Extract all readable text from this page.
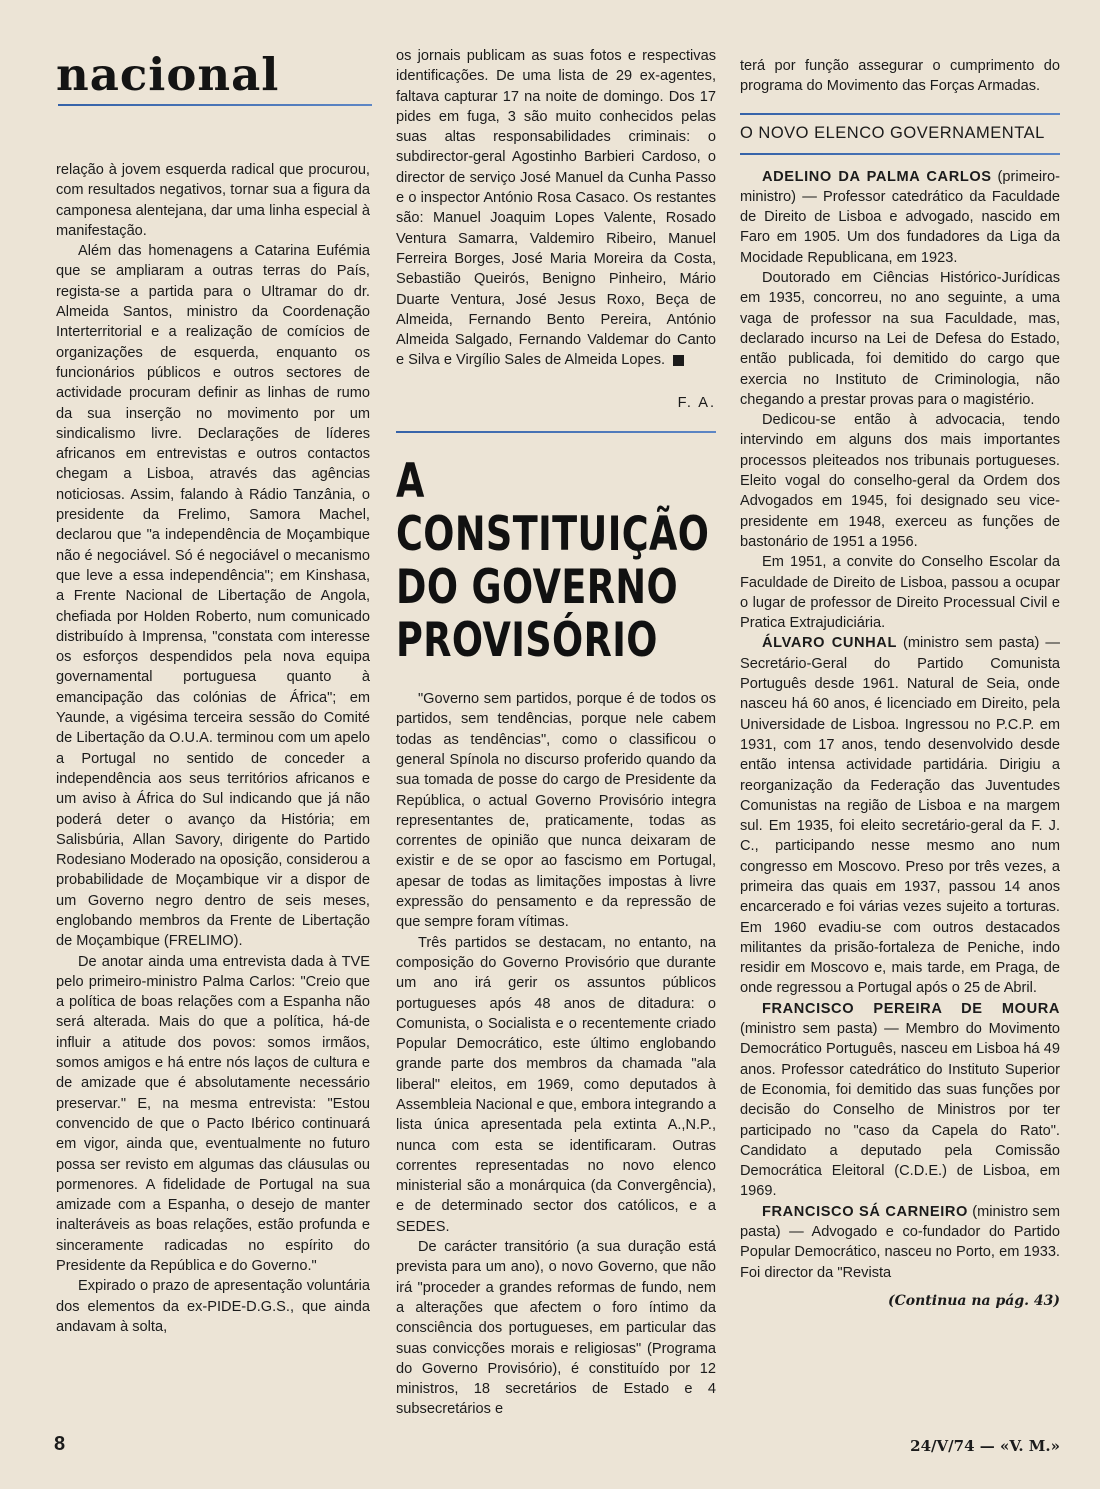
nacional

relação à jovem esquerda radical que procurou, com resultados negativos, tornar sua a figura da camponesa alentejana, dar uma linha especial à manifestação.

Além das homenagens a Catarina Eufémia que se ampliaram a outras terras do País, regista-se a partida para o Ultramar do dr. Almeida Santos, ministro da Coordenação Interterritorial e a realização de comícios de organizações de esquerda, enquanto os funcionários públicos e outros sectores de actividade procuram definir as linhas de rumo da sua inserção no movimento por um sindicalismo livre. Declarações de líderes africanos em entrevistas e outros contactos chegam a Lisboa, através das agências noticiosas. Assim, falando à Rádio Tanzânia, o presidente da Frelimo, Samora Machel, declarou que "a independência de Moçambique não é negociável. Só é negociável o mecanismo que leve a essa independência"; em Kinshasa, a Frente Nacional de Libertação de Angola, chefiada por Holden Roberto, num comunicado distribuído à Imprensa, "constata com interesse os esforços despendidos pela nova equipa governamental portuguesa quanto à emancipação das colónias de África"; em Yaunde, a vigésima terceira sessão do Comité de Libertação da O.U.A. terminou com um apelo a Portugal no sentido de conceder a independência aos seus territórios africanos e um aviso à África do Sul indicando que já não poderá deter o avanço da História; em Salisbúria, Allan Savory, dirigente do Partido Rodesiano Moderado na oposição, considerou a probabilidade de Moçambique vir a dispor de um Governo negro dentro de seis meses, englobando membros da Frente de Libertação de Moçambique (FRELIMO).

De anotar ainda uma entrevista dada à TVE pelo primeiro-ministro Palma Carlos: "Creio que a política de boas relações com a Espanha não será alterada. Mais do que a política, há-de influir a atitude dos povos: somos irmãos, somos amigos e há entre nós laços de cultura e de amizade que é absolutamente necessário preservar." E, na mesma entrevista: "Estou convencido de que o Pacto Ibérico continuará em vigor, ainda que, eventualmente no futuro possa ser revisto em algumas das cláusulas ou pormenores. A fidelidade de Portugal na sua amizade com a Espanha, o desejo de manter inalteráveis as boas relações, estão profunda e sinceramente radicadas no espírito do Presidente da República e do Governo."

Expirado o prazo de apresentação voluntária dos elementos da ex-PIDE-D.G.S., que ainda andavam à solta,

os jornais publicam as suas fotos e respectivas identificações. De uma lista de 29 ex-agentes, faltava capturar 17 na noite de domingo. Dos 17 pides em fuga, 3 são muito conhecidos pelas suas altas responsabilidades criminais: o subdirector-geral Agostinho Barbieri Cardoso, o director de serviço José Manuel da Cunha Passo e o inspector António Rosa Casaco. Os restantes são: Manuel Joaquim Lopes Valente, Rosado Ventura Samarra, Valdemiro Ribeiro, Manuel Ferreira Borges, José Maria Moreira da Costa, Sebastião Queirós, Benigno Pinheiro, Mário Duarte Ventura, José Jesus Roxo, Beça de Almeida, Fernando Bento Pereira, António Almeida Salgado, Fernando Valdemar do Canto e Silva e Virgílio Sales de Almeida Lopes.

F. A.
A CONSTITUIÇÃO DO GOVERNO PROVISÓRIO

"Governo sem partidos, porque é de todos os partidos, sem tendências, porque nele cabem todas as tendências", como o classificou o general Spínola no discurso proferido quando da sua tomada de posse do cargo de Presidente da República, o actual Governo Provisório integra representantes de, praticamente, todas as correntes de opinião que nunca deixaram de existir e de se opor ao fascismo em Portugal, apesar de todas as limitações impostas à livre expressão do pensamento e da repressão de que sempre foram vítimas.

Três partidos se destacam, no entanto, na composição do Governo Provisório que durante um ano irá gerir os assuntos públicos portugueses após 48 anos de ditadura: o Comunista, o Socialista e o recentemente criado Popular Democrático, este último englobando grande parte dos membros da chamada "ala liberal" eleitos, em 1969, como deputados à Assembleia Nacional e que, embora integrando a lista única apresentada pela extinta A.,N.P., nunca com esta se identificaram. Outras correntes representadas no novo elenco ministerial são a monárquica (da Convergência), e de determinado sector dos católicos, e a SEDES.

De carácter transitório (a sua duração está prevista para um ano), o novo Governo, que não irá "proceder a grandes reformas de fundo, nem a alterações que afectem o foro íntimo da consciência dos portugueses, em particular das suas convicções morais e religiosas" (Programa do Governo Provisório), é constituído por 12 ministros, 18 secretários de Estado e 4 subsecretários e

terá por função assegurar o cumprimento do programa do Movimento das Forças Armadas.

O NOVO ELENCO GOVERNAMENTAL

ADELINO DA PALMA CARLOS (primeiro-ministro) — Professor catedrático da Faculdade de Direito de Lisboa e advogado, nascido em Faro em 1905. Um dos fundadores da Liga da Mocidade Republicana, em 1923.

Doutorado em Ciências Histórico-Jurídicas em 1935, concorreu, no ano seguinte, a uma vaga de professor na sua Faculdade, mas, declarado incurso na Lei de Defesa do Estado, então publicada, foi demitido do cargo que exercia no Instituto de Criminologia, não chegando a prestar provas para o magistério.

Dedicou-se então à advocacia, tendo intervindo em alguns dos mais importantes processos pleiteados nos tribunais portugueses. Eleito vogal do conselho-geral da Ordem dos Advogados em 1945, foi designado seu vice-presidente em 1948, exerceu as funções de bastonário de 1951 a 1956.

Em 1951, a convite do Conselho Escolar da Faculdade de Direito de Lisboa, passou a ocupar o lugar de professor de Direito Processual Civil e Pratica Extrajudiciária.

ÁLVARO CUNHAL (ministro sem pasta) — Secretário-Geral do Partido Comunista Português desde 1961. Natural de Seia, onde nasceu há 60 anos, é licenciado em Direito, pela Universidade de Lisboa. Ingressou no P.C.P. em 1931, com 17 anos, tendo desenvolvido desde então intensa actividade partidária. Dirigiu a reorganização da Federação das Juventudes Comunistas na região de Lisboa e na margem sul. Em 1935, foi eleito secretário-geral da F. J. C., participando nesse mesmo ano num congresso em Moscovo. Preso por três vezes, a primeira das quais em 1937, passou 14 anos encarcerado e foi várias vezes sujeito a torturas. Em 1960 evadiu-se com outros destacados militantes da prisão-fortaleza de Peniche, indo residir em Moscovo e, mais tarde, em Praga, de onde regressou a Portugal após o 25 de Abril.

FRANCISCO PEREIRA DE MOURA (ministro sem pasta) — Membro do Movimento Democrático Português, nasceu em Lisboa há 49 anos. Professor catedrático do Instituto Superior de Economia, foi demitido das suas funções por decisão do Conselho de Ministros por ter participado no "caso da Capela do Rato". Candidato a deputado pela Comissão Democrática Eleitoral (C.D.E.) de Lisboa, em 1969.

FRANCISCO SÁ CARNEIRO (ministro sem pasta) — Advogado e co-fundador do Partido Popular Democrático, nasceu no Porto, em 1933. Foi director da "Revista

(Continua na pág. 43)
8	24/V/74 — «V. M.»
